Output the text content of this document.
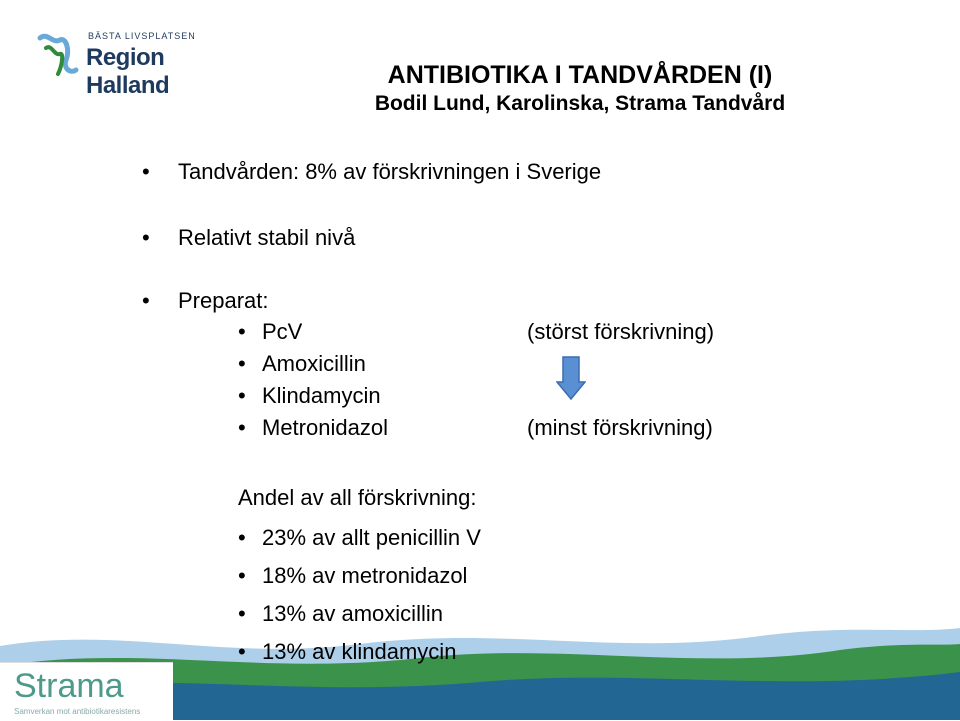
BÄSTA LIVSPLATSEN
Region Halland	ANTIBIOTIKA I TANDVÅRDEN (I)
Bodil Lund, Karolinska, Strama Tandvård
• Tandvården: 8% av förskrivningen i Sverige
• Relativt stabil nivå
• Preparat:
• PcV	(störst förskrivning)
• Amoxicillin
• Klindamycin
• Metronidazol	(minst förskrivning)
Andel av all förskrivning:
• 23% av allt penicillin V
• 18% av metronidazol
• 13% av amoxicillin
• 13% av klindamycin
Strama
Samverkan mot antibiotikaresistens
